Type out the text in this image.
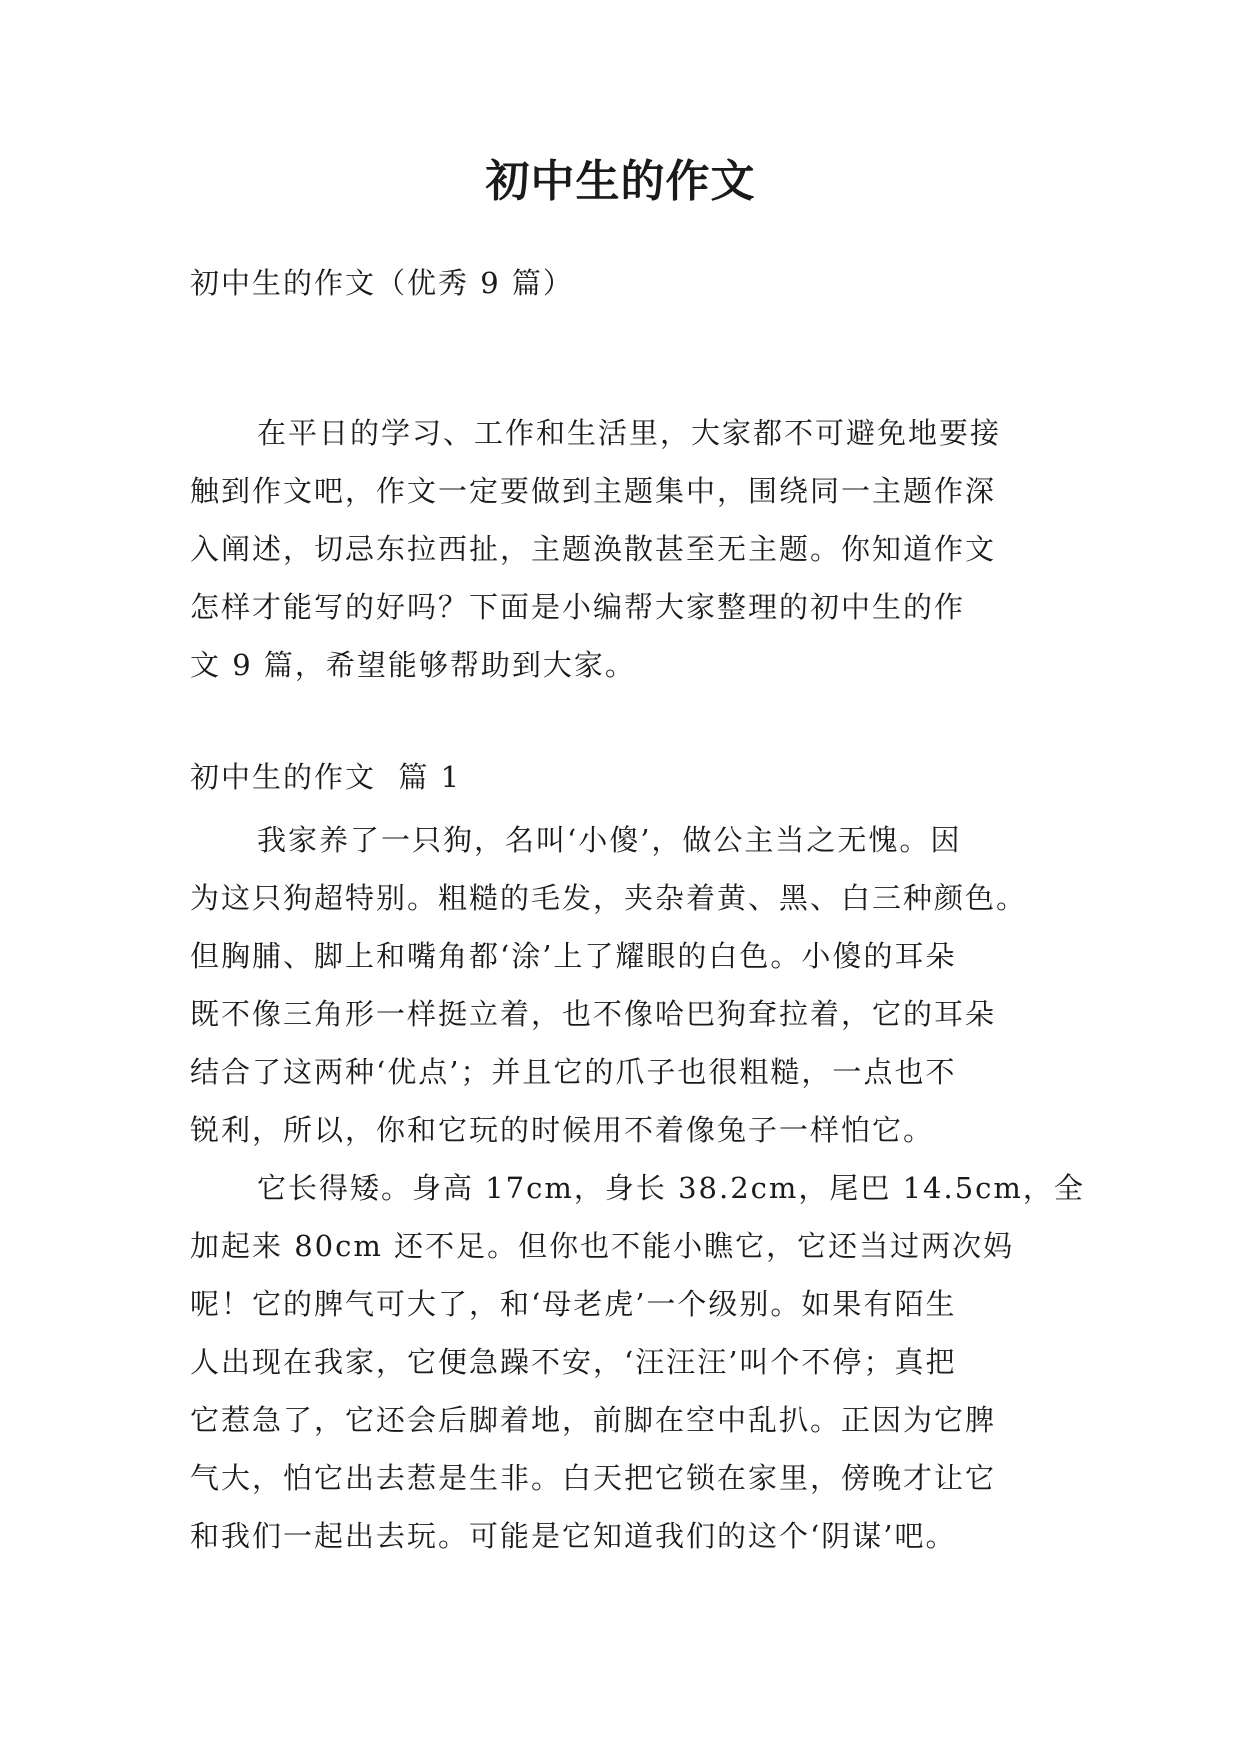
初中生的作文
初中生的作文（优秀 9 篇）
在平日的学习、工作和生活里，大家都不可避免地要接
触到作文吧，作文一定要做到主题集中，围绕同一主题作深
入阐述，切忌东拉西扯，主题涣散甚至无主题。你知道作文
怎样才能写的好吗？下面是小编帮大家整理的初中生的作
文 9 篇，希望能够帮助到大家。
初中生的作文  篇 1
我家养了一只狗，名叫‘小傻’，做公主当之无愧。因
为这只狗超特别。粗糙的毛发，夹杂着黄、黑、白三种颜色。
但胸脯、脚上和嘴角都‘涂’上了耀眼的白色。小傻的耳朵
既不像三角形一样挺立着，也不像哈巴狗耷拉着，它的耳朵
结合了这两种‘优点’；并且它的爪子也很粗糙，一点也不
锐利，所以，你和它玩的时候用不着像兔子一样怕它。
它长得矮。身高 17cm，身长 38.2cm，尾巴 14.5cm，全
加起来 80cm 还不足。但你也不能小瞧它，它还当过两次妈
呢！它的脾气可大了，和‘母老虎’一个级别。如果有陌生
人出现在我家，它便急躁不安，‘汪汪汪’叫个不停；真把
它惹急了，它还会后脚着地，前脚在空中乱扒。正因为它脾
气大，怕它出去惹是生非。白天把它锁在家里，傍晚才让它
和我们一起出去玩。可能是它知道我们的这个‘阴谋’吧。
